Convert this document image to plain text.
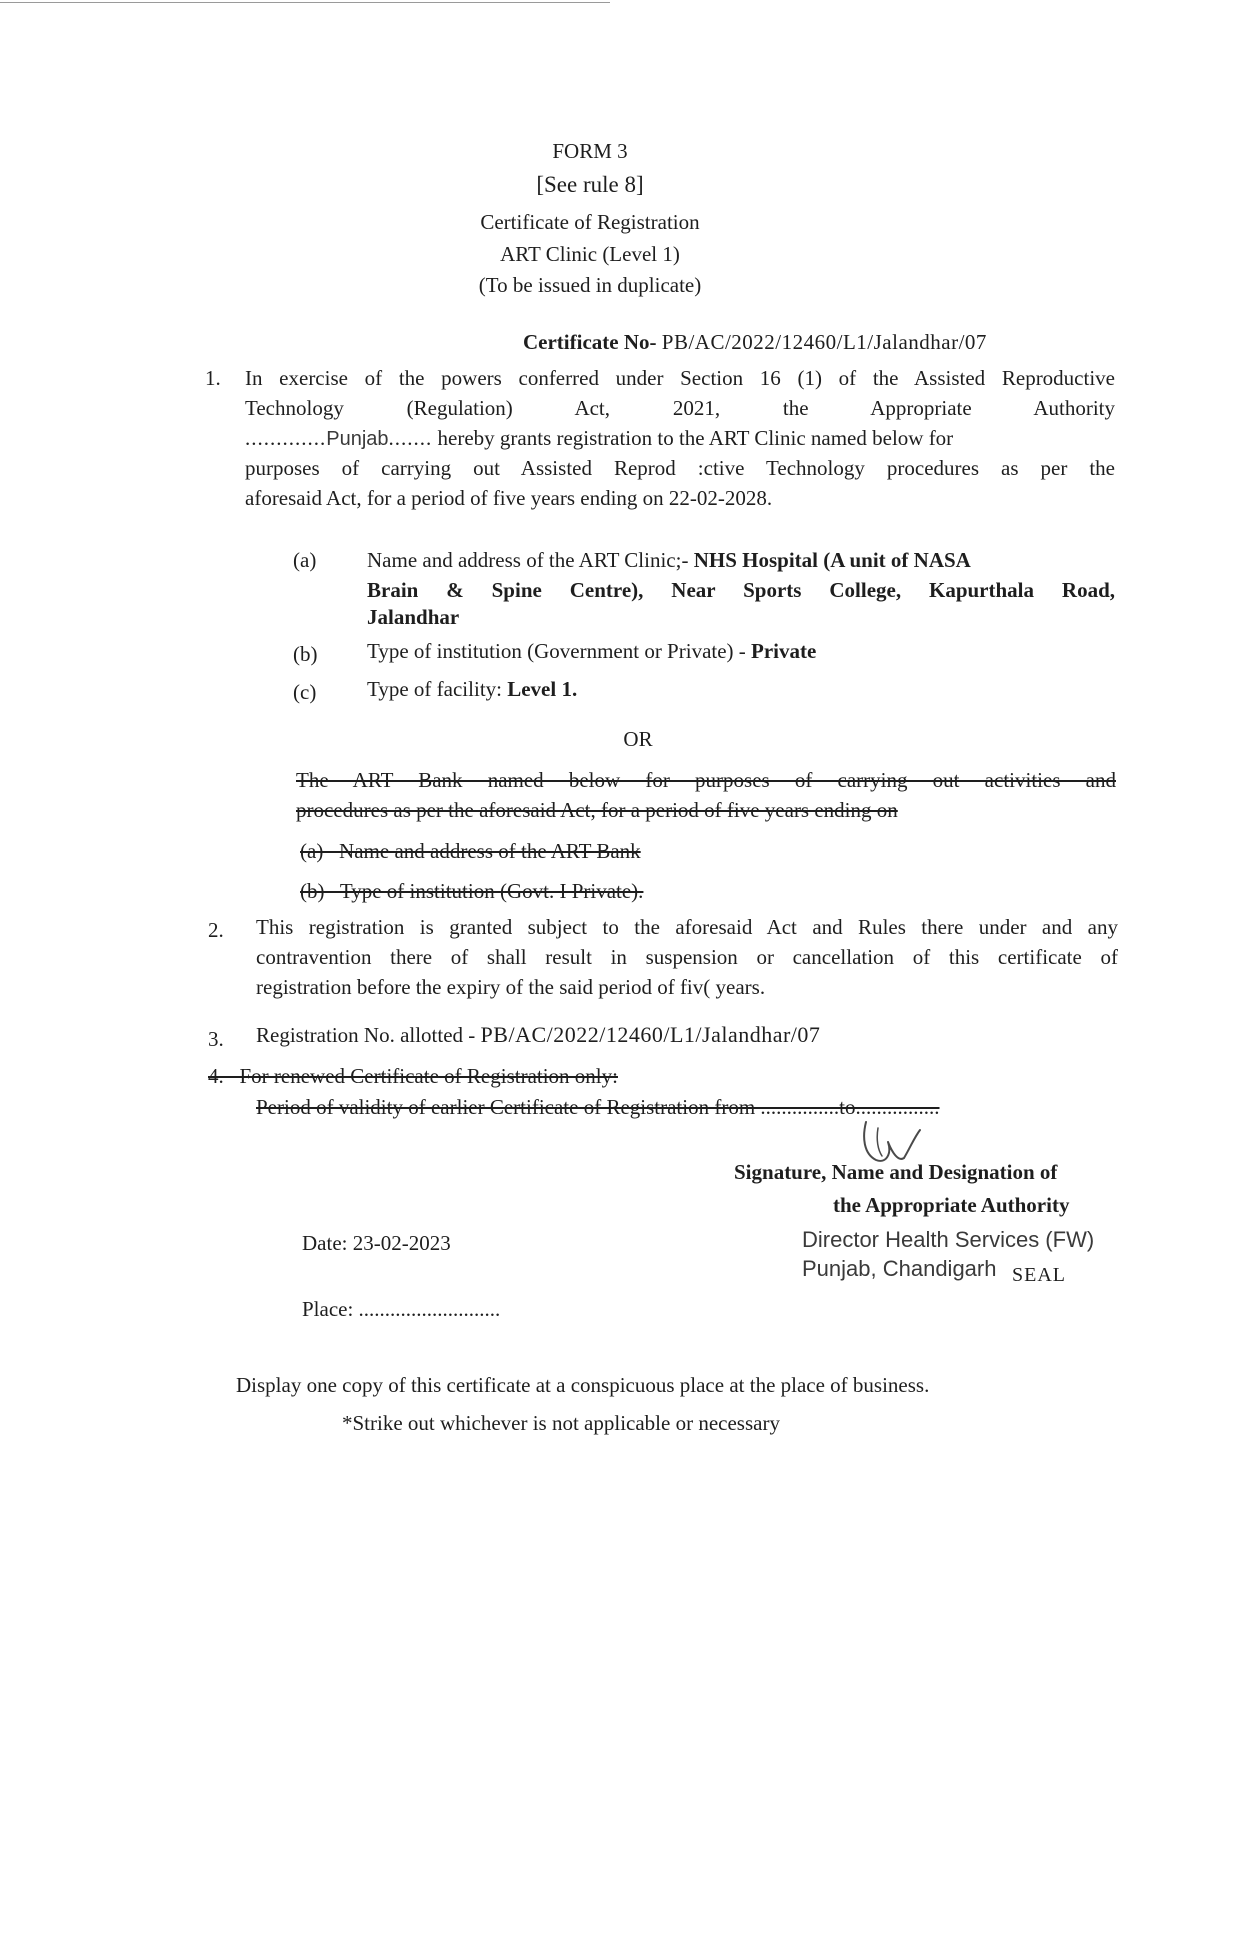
FORM 3
[See rule 8]
Certificate of Registration
ART Clinic (Level 1)
(To be issued in duplicate)
Certificate No- PB/AC/2022/12460/L1/Jalandhar/07
1. In exercise of the powers conferred under Section 16 (1) of the Assisted Reproductive
Technology (Regulation) Act, 2021, the Appropriate Authority
.............Punjab....... hereby grants registration to the ART Clinic named below for
purposes of carrying out Assisted Reprod :ctive Technology procedures as per the
aforesaid Act, for a period of five years ending on 22-02-2028.
(a) Name and address of the ART Clinic;- NHS Hospital (A unit of NASA
Brain & Spine Centre), Near Sports College, Kapurthala Road,
Jalandhar
(b) Type of institution (Government or Private) - Private
(c) Type of facility: Level 1.
OR
The ART Bank named below for purposes of carrying out activities and
procedures as per the aforesaid Act, for a period of five years ending on
(a)   Name and address of the ART Bank
(b)   Type of institution (Govt. I Private).
2. This registration is granted subject to the aforesaid Act and Rules there under and any
contravention there of shall result in suspension or cancellation of this certificate of
registration before the expiry of the said period of fiv( years.
3. Registration No. allotted - PB/AC/2022/12460/L1/Jalandhar/07
4.   For renewed Certificate of Registration only:
Period of validity of earlier Certificate of Registration from ...............to................
Signature, Name and Designation of
the Appropriate Authority
Director Health Services (FW)
Punjab, Chandigarh SEAL
Date: 23-02-2023
Place: ...........................
Display one copy of this certificate at a conspicuous place at the place of business.
*Strike out whichever is not applicable or necessary
